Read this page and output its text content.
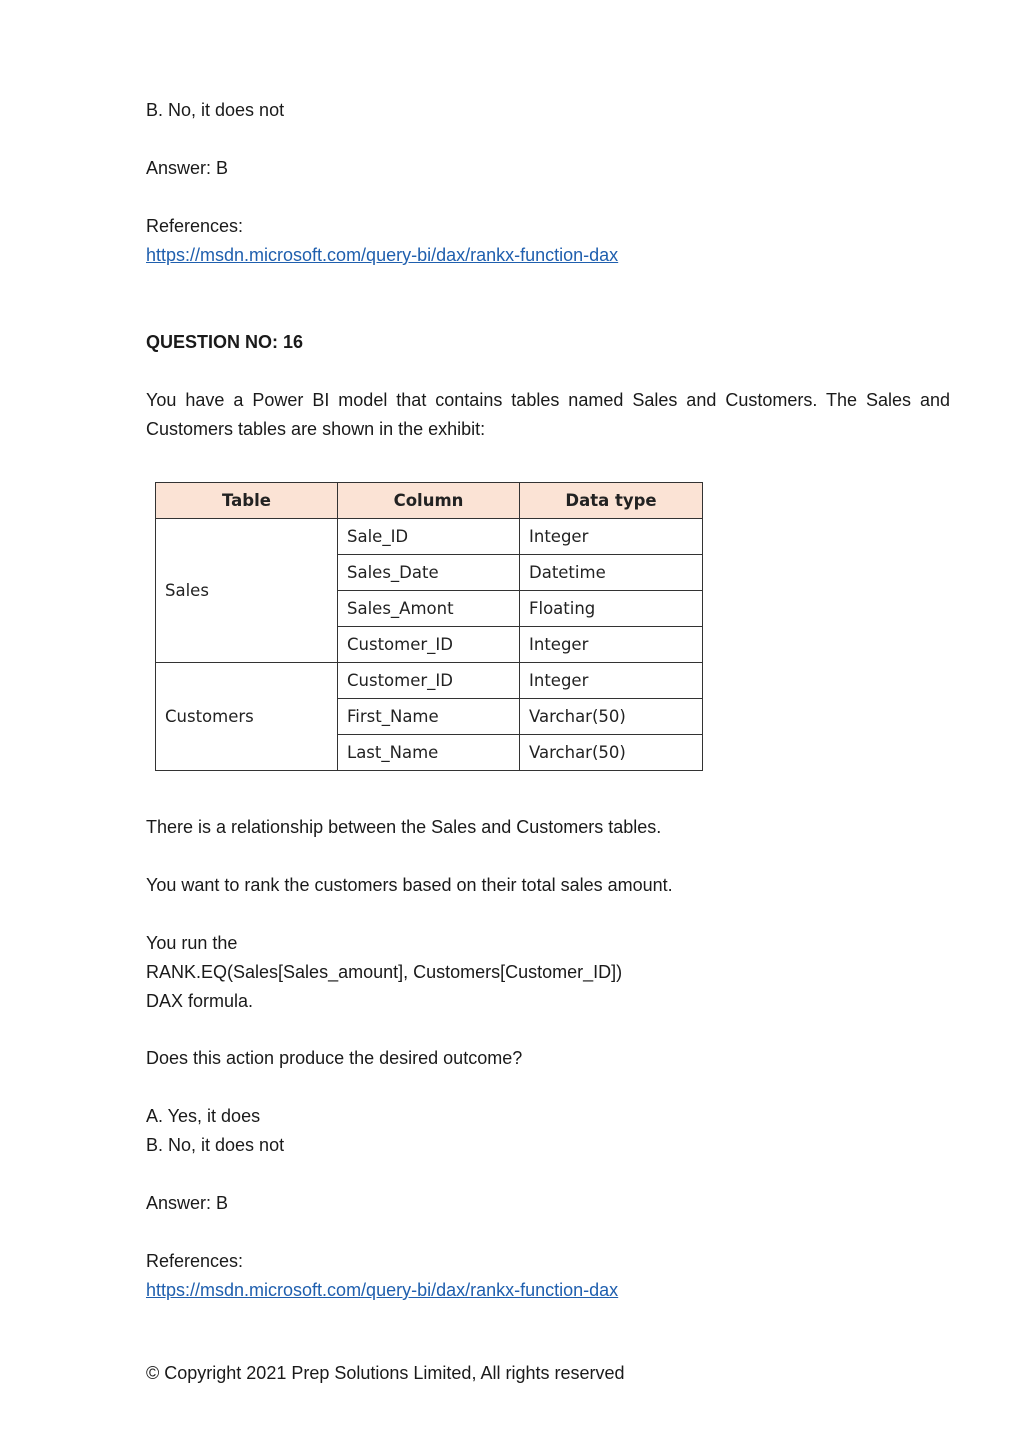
B. No, it does not
Answer: B
References:
https://msdn.microsoft.com/query-bi/dax/rankx-function-dax
QUESTION NO: 16
You have a Power BI model that contains tables named Sales and Customers. The Sales and Customers tables are shown in the exhibit:
Table	Column	Data type
Sales	Sale_ID	Integer
	Sales_Date	Datetime
	Sales_Amont	Floating
	Customer_ID	Integer
Customers	Customer_ID	Integer
	First_Name	Varchar(50)
	Last_Name	Varchar(50)
There is a relationship between the Sales and Customers tables.
You want to rank the customers based on their total sales amount.
You run the
RANK.EQ(Sales[Sales_amount], Customers[Customer_ID])
DAX formula.
Does this action produce the desired outcome?
A. Yes, it does
B. No, it does not
Answer: B
References:
https://msdn.microsoft.com/query-bi/dax/rankx-function-dax
© Copyright 2021 Prep Solutions Limited, All rights reserved
